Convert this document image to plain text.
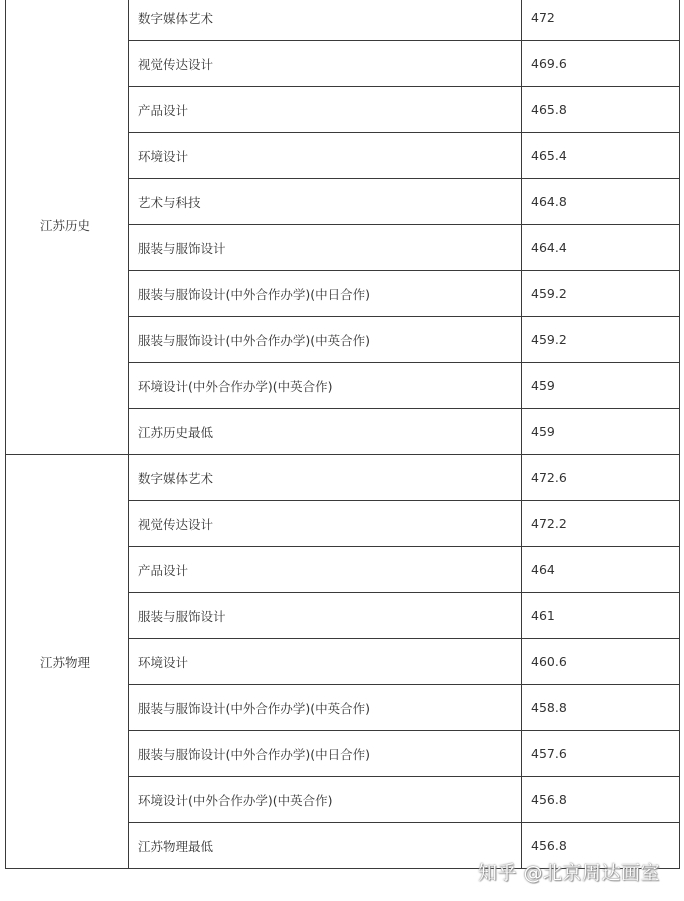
江苏历史	数字媒体艺术	472
	视觉传达设计	469.6
	产品设计	465.8
	环境设计	465.4
	艺术与科技	464.8
	服装与服饰设计	464.4
	服装与服饰设计(中外合作办学)(中日合作)	459.2
	服装与服饰设计(中外合作办学)(中英合作)	459.2
	环境设计(中外合作办学)(中英合作)	459
	江苏历史最低	459
江苏物理	数字媒体艺术	472.6
	视觉传达设计	472.2
	产品设计	464
	服装与服饰设计	461
	环境设计	460.6
	服装与服饰设计(中外合作办学)(中英合作)	458.8
	服装与服饰设计(中外合作办学)(中日合作)	457.6
	环境设计(中外合作办学)(中英合作)	456.8
	江苏物理最低	456.8
知乎 @北京周达画室
